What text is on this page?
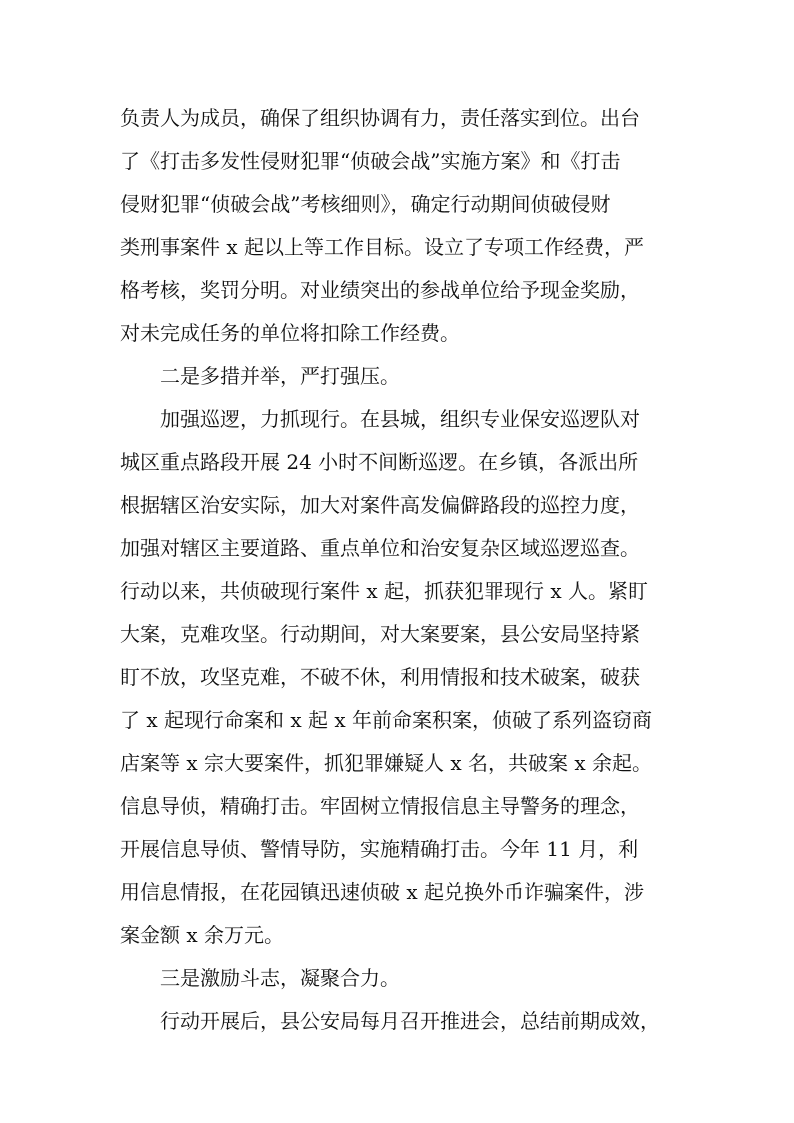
负责人为成员，确保了组织协调有力，责任落实到位。出台
了《打击多发性侵财犯罪“侦破会战”实施方案》和《打击
侵财犯罪“侦破会战”考核细则》，确定行动期间侦破侵财
类刑事案件 x 起以上等工作目标。设立了专项工作经费，严
格考核，奖罚分明。对业绩突出的参战单位给予现金奖励，
对未完成任务的单位将扣除工作经费。
二是多措并举，严打强压。
加强巡逻，力抓现行。在县城，组织专业保安巡逻队对
城区重点路段开展 24 小时不间断巡逻。在乡镇，各派出所
根据辖区治安实际，加大对案件高发偏僻路段的巡控力度，
加强对辖区主要道路、重点单位和治安复杂区域巡逻巡查。
行动以来，共侦破现行案件 x 起，抓获犯罪现行 x 人。紧盯
大案，克难攻坚。行动期间，对大案要案，县公安局坚持紧
盯不放，攻坚克难，不破不休，利用情报和技术破案，破获
了 x 起现行命案和 x 起 x 年前命案积案，侦破了系列盗窃商
店案等 x 宗大要案件，抓犯罪嫌疑人 x 名，共破案 x 余起。
信息导侦，精确打击。牢固树立情报信息主导警务的理念，
开展信息导侦、警情导防，实施精确打击。今年 11 月，利
用信息情报，在花园镇迅速侦破 x 起兑换外币诈骗案件，涉
案金额 x 余万元。
三是激励斗志，凝聚合力。
行动开展后，县公安局每月召开推进会，总结前期成效，
